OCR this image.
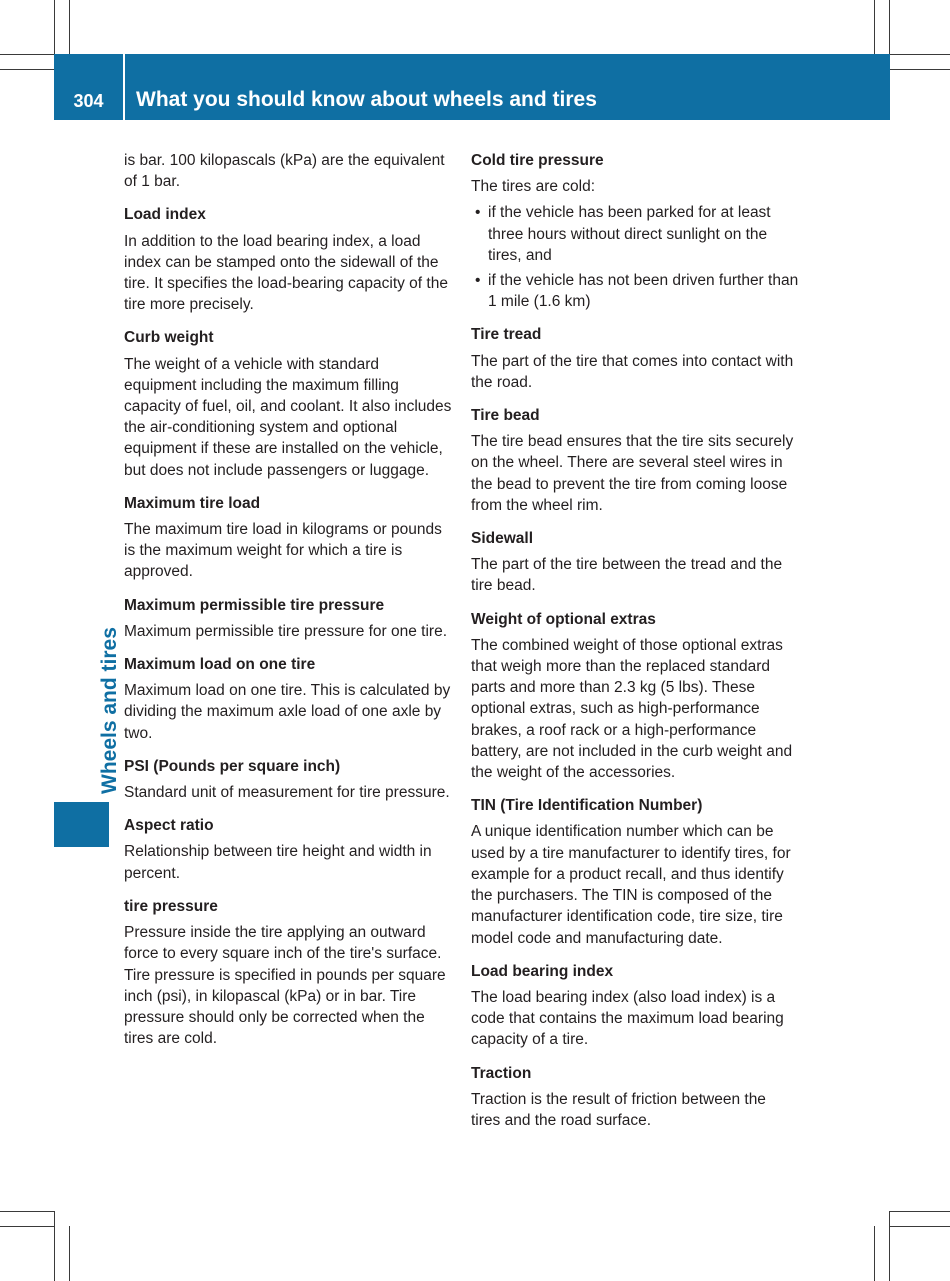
304	What you should know about wheels and tires
Wheels and tires

is bar. 100 kilopascals (kPa) are the equivalent of 1 bar.

Load index

In addition to the load bearing index, a load index can be stamped onto the sidewall of the tire. It specifies the load-bearing capacity of the tire more precisely.

Curb weight

The weight of a vehicle with standard equipment including the maximum filling capacity of fuel, oil, and coolant. It also includes the air-conditioning system and optional equipment if these are installed on the vehicle, but does not include passengers or luggage.

Maximum tire load

The maximum tire load in kilograms or pounds is the maximum weight for which a tire is approved.

Maximum permissible tire pressure

Maximum permissible tire pressure for one tire.

Maximum load on one tire

Maximum load on one tire. This is calculated by dividing the maximum axle load of one axle by two.

PSI (Pounds per square inch)

Standard unit of measurement for tire pressure.

Aspect ratio

Relationship between tire height and width in percent.

tire pressure

Pressure inside the tire applying an outward force to every square inch of the tire's surface. Tire pressure is specified in pounds per square inch (psi), in kilopascal (kPa) or in bar. Tire pressure should only be corrected when the tires are cold.

Cold tire pressure

The tires are cold:

• if the vehicle has been parked for at least three hours without direct sunlight on the tires, and
• if the vehicle has not been driven further than 1 mile (1.6 km)
Tire tread

The part of the tire that comes into contact with the road.

Tire bead

The tire bead ensures that the tire sits securely on the wheel. There are several steel wires in the bead to prevent the tire from coming loose from the wheel rim.

Sidewall

The part of the tire between the tread and the tire bead.

Weight of optional extras

The combined weight of those optional extras that weigh more than the replaced standard parts and more than 2.3 kg (5 lbs). These optional extras, such as high-performance brakes, a roof rack or a high-performance battery, are not included in the curb weight and the weight of the accessories.

TIN (Tire Identification Number)

A unique identification number which can be used by a tire manufacturer to identify tires, for example for a product recall, and thus identify the purchasers. The TIN is composed of the manufacturer identification code, tire size, tire model code and manufacturing date.

Load bearing index

The load bearing index (also load index) is a code that contains the maximum load bearing capacity of a tire.

Traction

Traction is the result of friction between the tires and the road surface.
